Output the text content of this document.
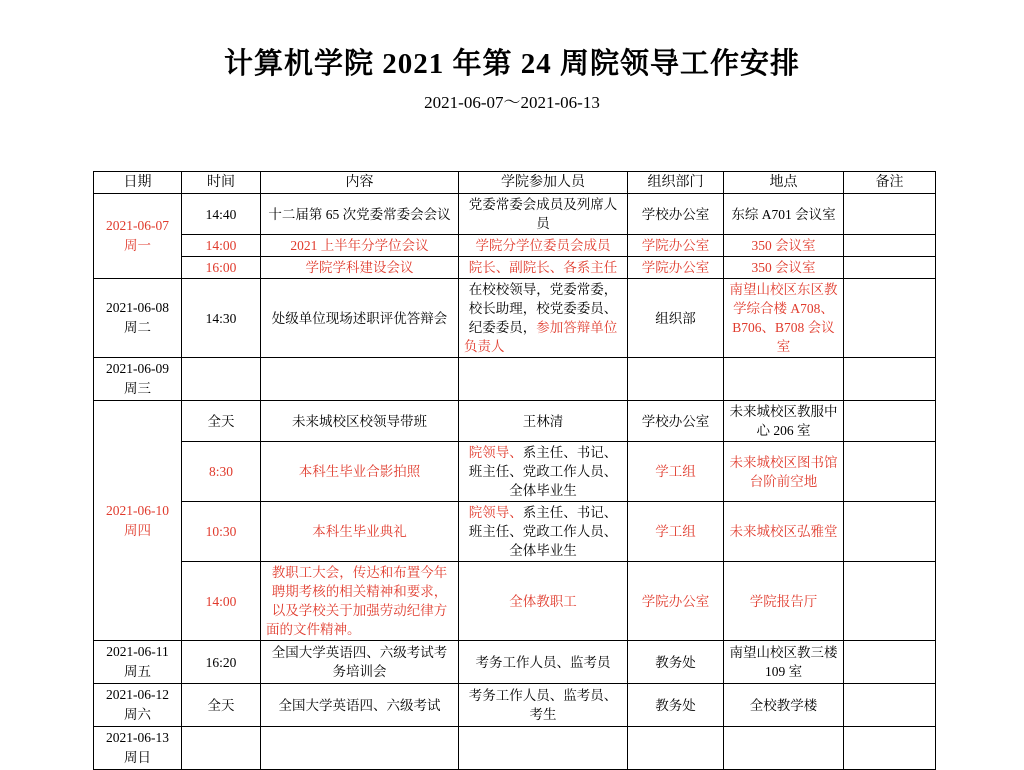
计算机学院 2021 年第 24 周院领导工作安排
2021-06-07～2021-06-13
日期	时间	内容	学院参加人员	组织部门	地点	备注

2021-06-07
周一	14:40	十二届第 65 次党委常委会会议	党委常委会成员及列席人员	学校办公室	东综 A701 会议室	
	14:00	2021 上半年分学位会议	学院分学位委员会成员	学院办公室	350 会议室	
	16:00	学院学科建设会议	院长、副院长、各系主任	学院办公室	350 会议室	

2021-06-08
周二	14:30	处级单位现场述职评优答辩会	在校校领导，党委常委，校长助理，校党委委员、纪委委员，参加答辩单位负责人	组织部	南望山校区东区教学综合楼 A708、B706、B708 会议室	

2021-06-09
周三						

2021-06-10
周四	全天	未来城校区校领导带班	王林清	学校办公室	未来城校区教服中心 206 室	
	8:30	本科生毕业合影拍照	院领导、系主任、书记、班主任、党政工作人员、全体毕业生	学工组	未来城校区图书馆台阶前空地	
	10:30	本科生毕业典礼	院领导、系主任、书记、班主任、党政工作人员、全体毕业生	学工组	未来城校区弘雅堂	
	14:00	教职工大会，传达和布置今年聘期考核的相关精神和要求，以及学校关于加强劳动纪律方面的文件精神。	全体教职工	学院办公室	学院报告厅	

2021-06-11
周五	16:20	全国大学英语四、六级考试考务培训会	考务工作人员、监考员	教务处	南望山校区教三楼 109 室	

2021-06-12
周六	全天	全国大学英语四、六级考试	考务工作人员、监考员、考生	教务处	全校教学楼	

2021-06-13
周日						
